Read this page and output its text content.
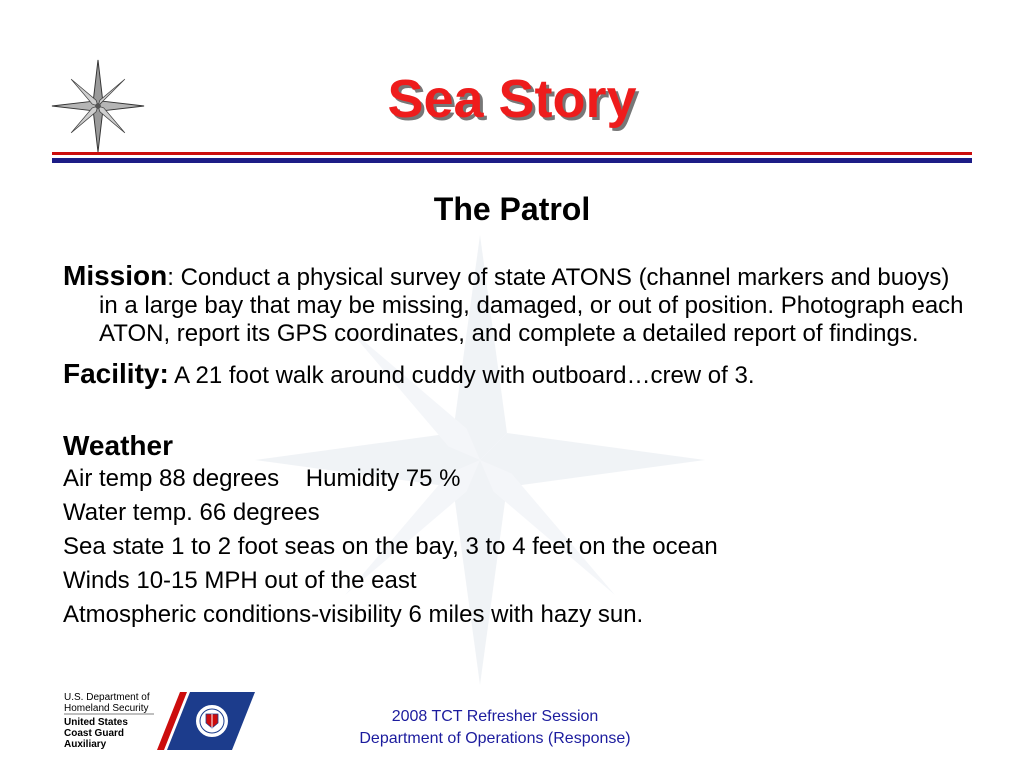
Sea Story
The Patrol

Mission: Conduct a physical survey of state ATONS (channel markers and buoys) in a large bay that may be missing, damaged, or out of position. Photograph each ATON, report its GPS coordinates, and complete a detailed report of findings.

Facility: A 21 foot walk around cuddy with outboard…crew of 3.

Weather

Air temp 88 degrees    Humidity 75 %

Water temp. 66 degrees

Sea state 1 to 2 foot seas on the bay, 3 to 4 feet on the ocean

Winds 10-15 MPH out of the east

Atmospheric conditions-visibility 6 miles with hazy sun.

U.S. Department of
Homeland Security
United States
Coast Guard
Auxiliary
2008 TCT Refresher Session
Department of Operations (Response)
